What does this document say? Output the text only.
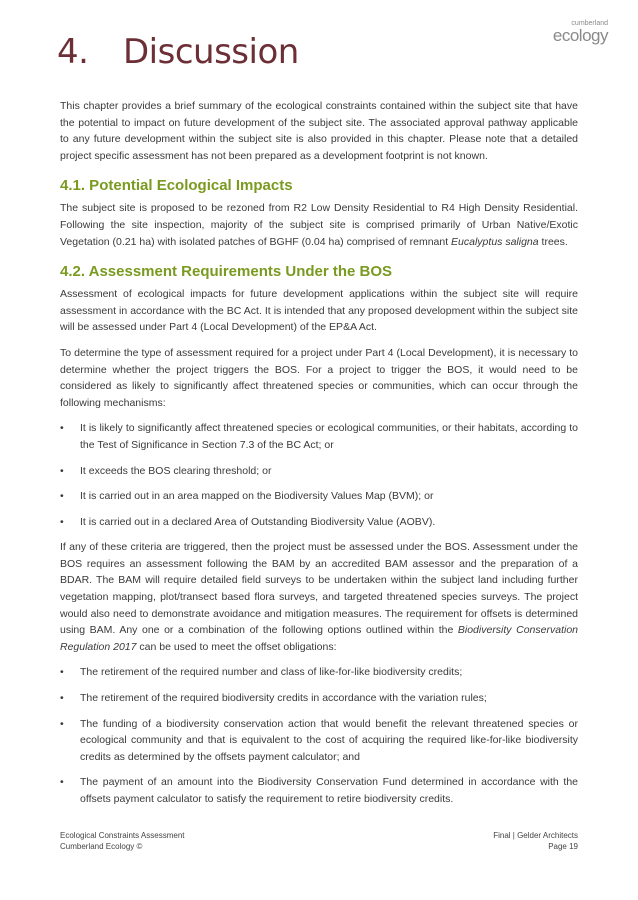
cumberland
ecology
4. Discussion

This chapter provides a brief summary of the ecological constraints contained within the subject site that have the potential to impact on future development of the subject site. The associated approval pathway applicable to any future development within the subject site is also provided in this chapter. Please note that a detailed project specific assessment has not been prepared as a development footprint is not known.

4.1. Potential Ecological Impacts

The subject site is proposed to be rezoned from R2 Low Density Residential to R4 High Density Residential. Following the site inspection, majority of the subject site is comprised primarily of Urban Native/Exotic Vegetation (0.21 ha) with isolated patches of BGHF (0.04 ha) comprised of remnant Eucalyptus saligna trees.

4.2. Assessment Requirements Under the BOS

Assessment of ecological impacts for future development applications within the subject site will require assessment in accordance with the BC Act. It is intended that any proposed development within the subject site will be assessed under Part 4 (Local Development) of the EP&A Act.

To determine the type of assessment required for a project under Part 4 (Local Development), it is necessary to determine whether the project triggers the BOS. For a project to trigger the BOS, it would need to be considered as likely to significantly affect threatened species or communities, which can occur through the following mechanisms:

• It is likely to significantly affect threatened species or ecological communities, or their habitats, according to the Test of Significance in Section 7.3 of the BC Act; or
• It exceeds the BOS clearing threshold; or
• It is carried out in an area mapped on the Biodiversity Values Map (BVM); or
• It is carried out in a declared Area of Outstanding Biodiversity Value (AOBV).

If any of these criteria are triggered, then the project must be assessed under the BOS. Assessment under the BOS requires an assessment following the BAM by an accredited BAM assessor and the preparation of a BDAR. The BAM will require detailed field surveys to be undertaken within the subject land including further vegetation mapping, plot/transect based flora surveys, and targeted threatened species surveys. The project would also need to demonstrate avoidance and mitigation measures. The requirement for offsets is determined using BAM. Any one or a combination of the following options outlined within the Biodiversity Conservation Regulation 2017 can be used to meet the offset obligations:

• The retirement of the required number and class of like-for-like biodiversity credits;
• The retirement of the required biodiversity credits in accordance with the variation rules;
• The funding of a biodiversity conservation action that would benefit the relevant threatened species or ecological community and that is equivalent to the cost of acquiring the required like-for-like biodiversity credits as determined by the offsets payment calculator; and
• The payment of an amount into the Biodiversity Conservation Fund determined in accordance with the offsets payment calculator to satisfy the requirement to retire biodiversity credits.
Ecological Constraints Assessment
Cumberland Ecology ©
Final | Gelder Architects
Page 19
